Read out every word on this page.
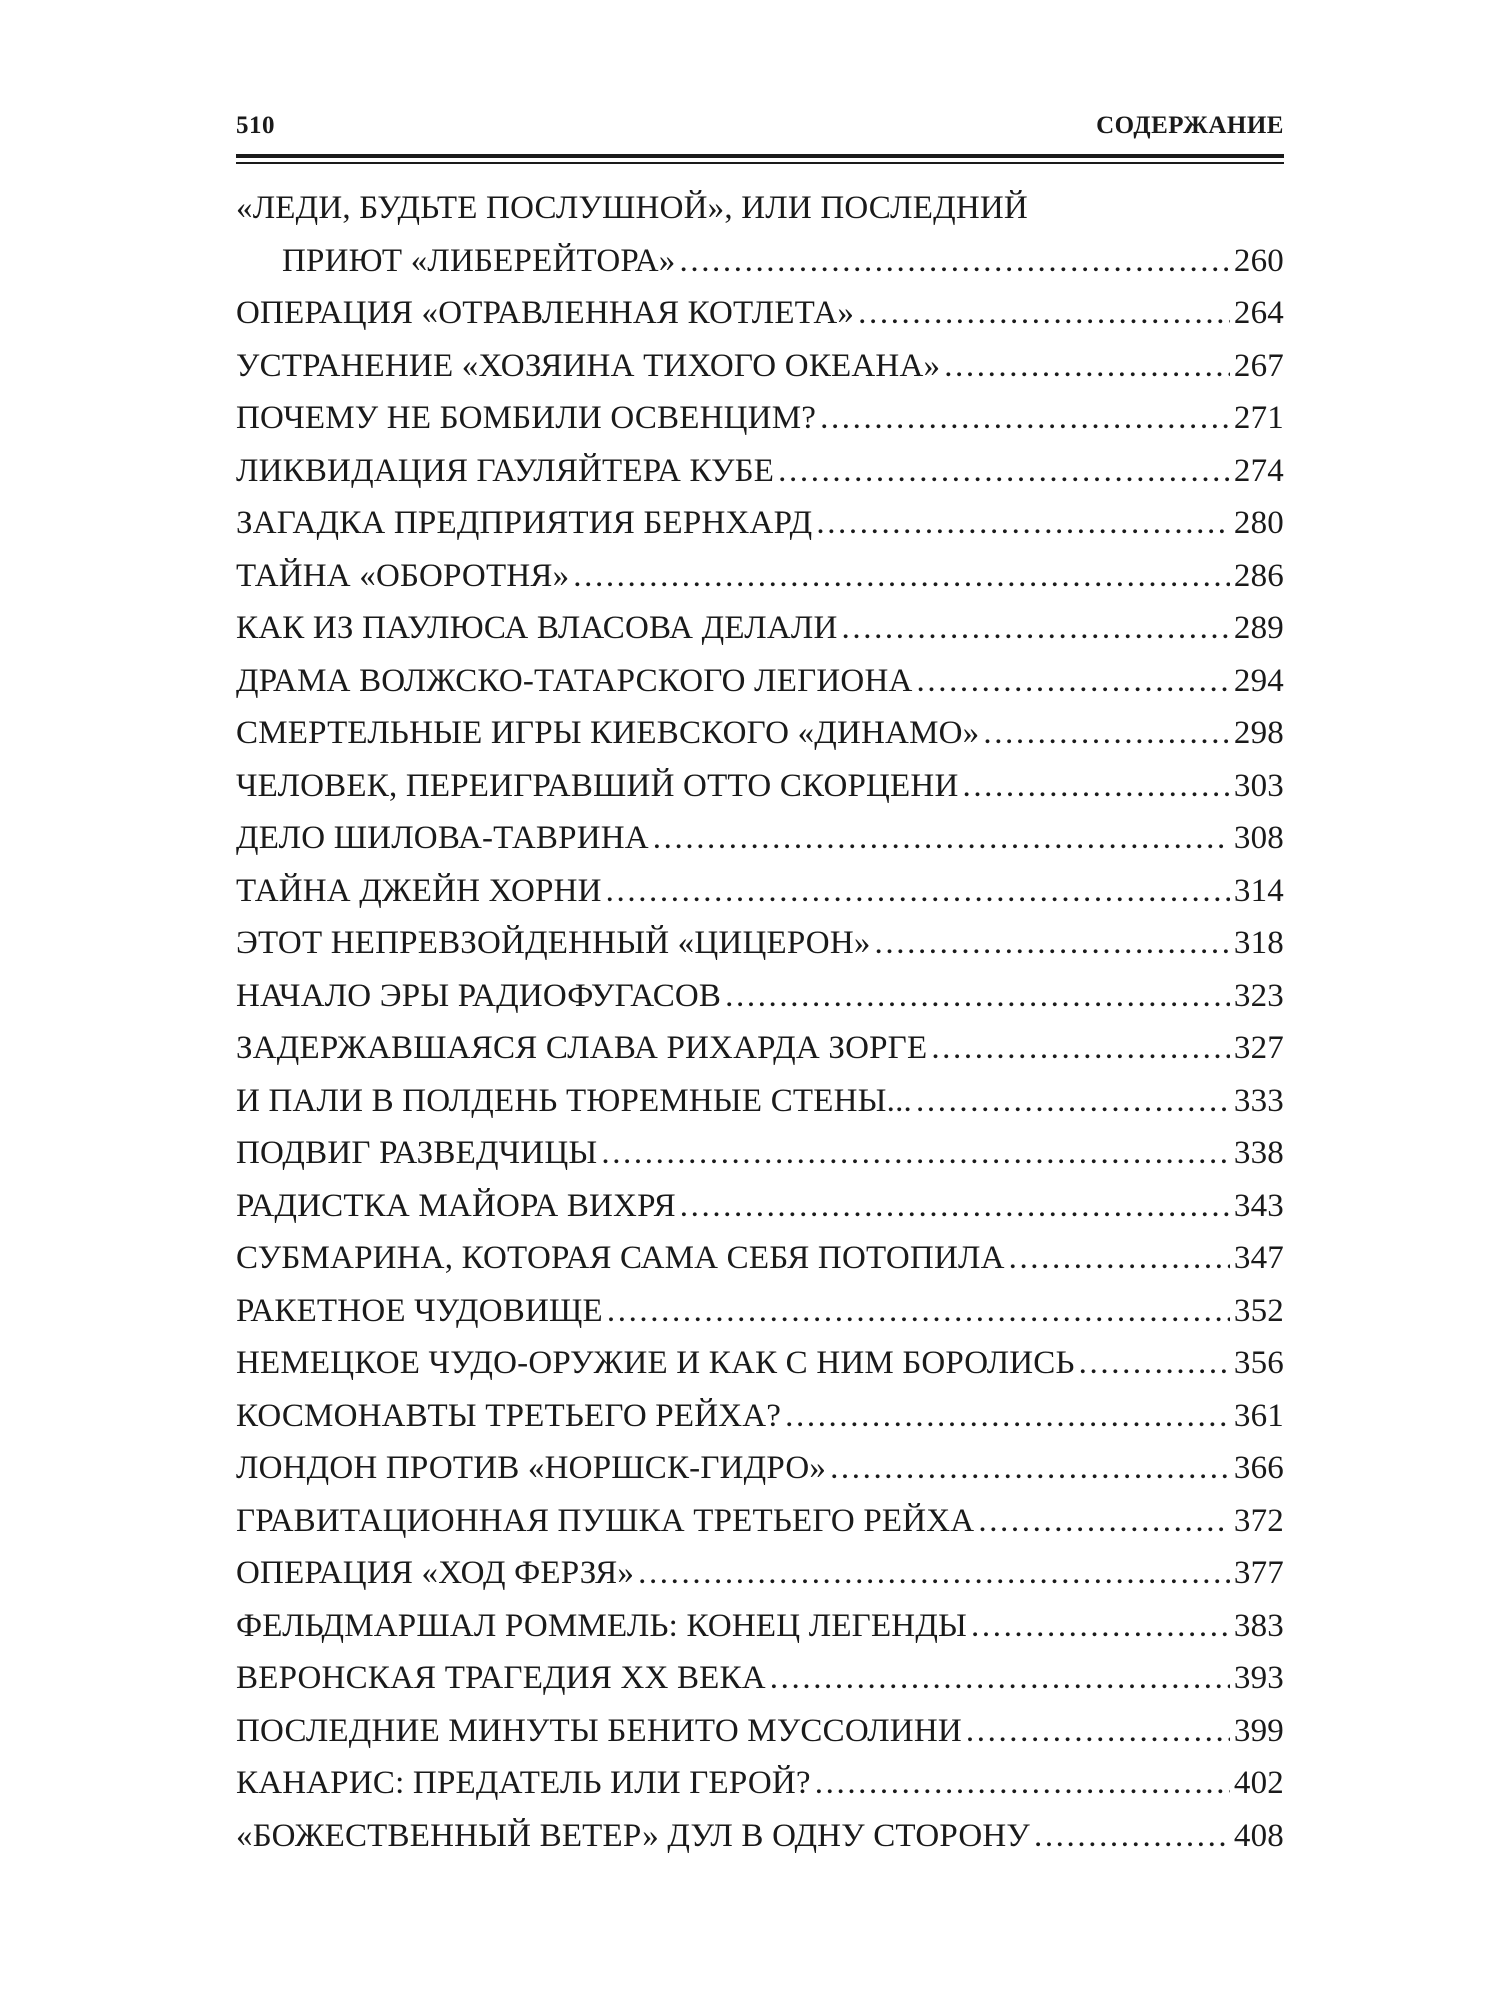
510	СОДЕРЖАНИЕ
«ЛЕДИ, БУДЬТЕ ПОСЛУШНОЙ», ИЛИ ПОСЛЕДНИЙ
ПРИЮТ «ЛИБЕРЕЙТОРА» .....	260
ОПЕРАЦИЯ «ОТРАВЛЕННАЯ КОТЛЕТА» .....	264
УСТРАНЕНИЕ «ХОЗЯИНА ТИХОГО ОКЕАНА» .....	267
ПОЧЕМУ НЕ БОМБИЛИ ОСВЕНЦИМ? .....	271
ЛИКВИДАЦИЯ ГАУЛЯЙТЕРА КУБЕ .....	274
ЗАГАДКА ПРЕДПРИЯТИЯ БЕРНХАРД .....	280
ТАЙНА «ОБОРОТНЯ» .....	286
КАК ИЗ ПАУЛЮСА ВЛАСОВА ДЕЛАЛИ .....	289
ДРАМА ВОЛЖСКО-ТАТАРСКОГО ЛЕГИОНА .....	294
СМЕРТЕЛЬНЫЕ ИГРЫ КИЕВСКОГО «ДИНАМО» .....	298
ЧЕЛОВЕК, ПЕРЕИГРАВШИЙ ОТТО СКОРЦЕНИ .....	303
ДЕЛО ШИЛОВА-ТАВРИНА .....	308
ТАЙНА ДЖЕЙН ХОРНИ .....	314
ЭТОТ НЕПРЕВЗОЙДЕННЫЙ «ЦИЦЕРОН» .....	318
НАЧАЛО ЭРЫ РАДИОФУГАСОВ .....	323
ЗАДЕРЖАВШАЯСЯ СЛАВА РИХАРДА ЗОРГЕ .....	327
И ПАЛИ В ПОЛДЕНЬ ТЮРЕМНЫЕ СТЕНЫ... .....	333
ПОДВИГ РАЗВЕДЧИЦЫ .....	338
РАДИСТКА МАЙОРА ВИХРЯ .....	343
СУБМАРИНА, КОТОРАЯ САМА СЕБЯ ПОТОПИЛА .....	347
РАКЕТНОЕ ЧУДОВИЩЕ .....	352
НЕМЕЦКОЕ ЧУДО-ОРУЖИЕ И КАК С НИМ БОРОЛИСЬ .....	356
КОСМОНАВТЫ ТРЕТЬЕГО РЕЙХА? .....	361
ЛОНДОН ПРОТИВ «НОРШСК-ГИДРО» .....	366
ГРАВИТАЦИОННАЯ ПУШКА ТРЕТЬЕГО РЕЙХА .....	372
ОПЕРАЦИЯ «ХОД ФЕРЗЯ» .....	377
ФЕЛЬДМАРШАЛ РОММЕЛЬ: КОНЕЦ ЛЕГЕНДЫ .....	383
ВЕРОНСКАЯ ТРАГЕДИЯ XX ВЕКА .....	393
ПОСЛЕДНИЕ МИНУТЫ БЕНИТО МУССОЛИНИ .....	399
КАНАРИС: ПРЕДАТЕЛЬ ИЛИ ГЕРОЙ? .....	402
«БОЖЕСТВЕННЫЙ ВЕТЕР» ДУЛ В ОДНУ СТОРОНУ .....	408
